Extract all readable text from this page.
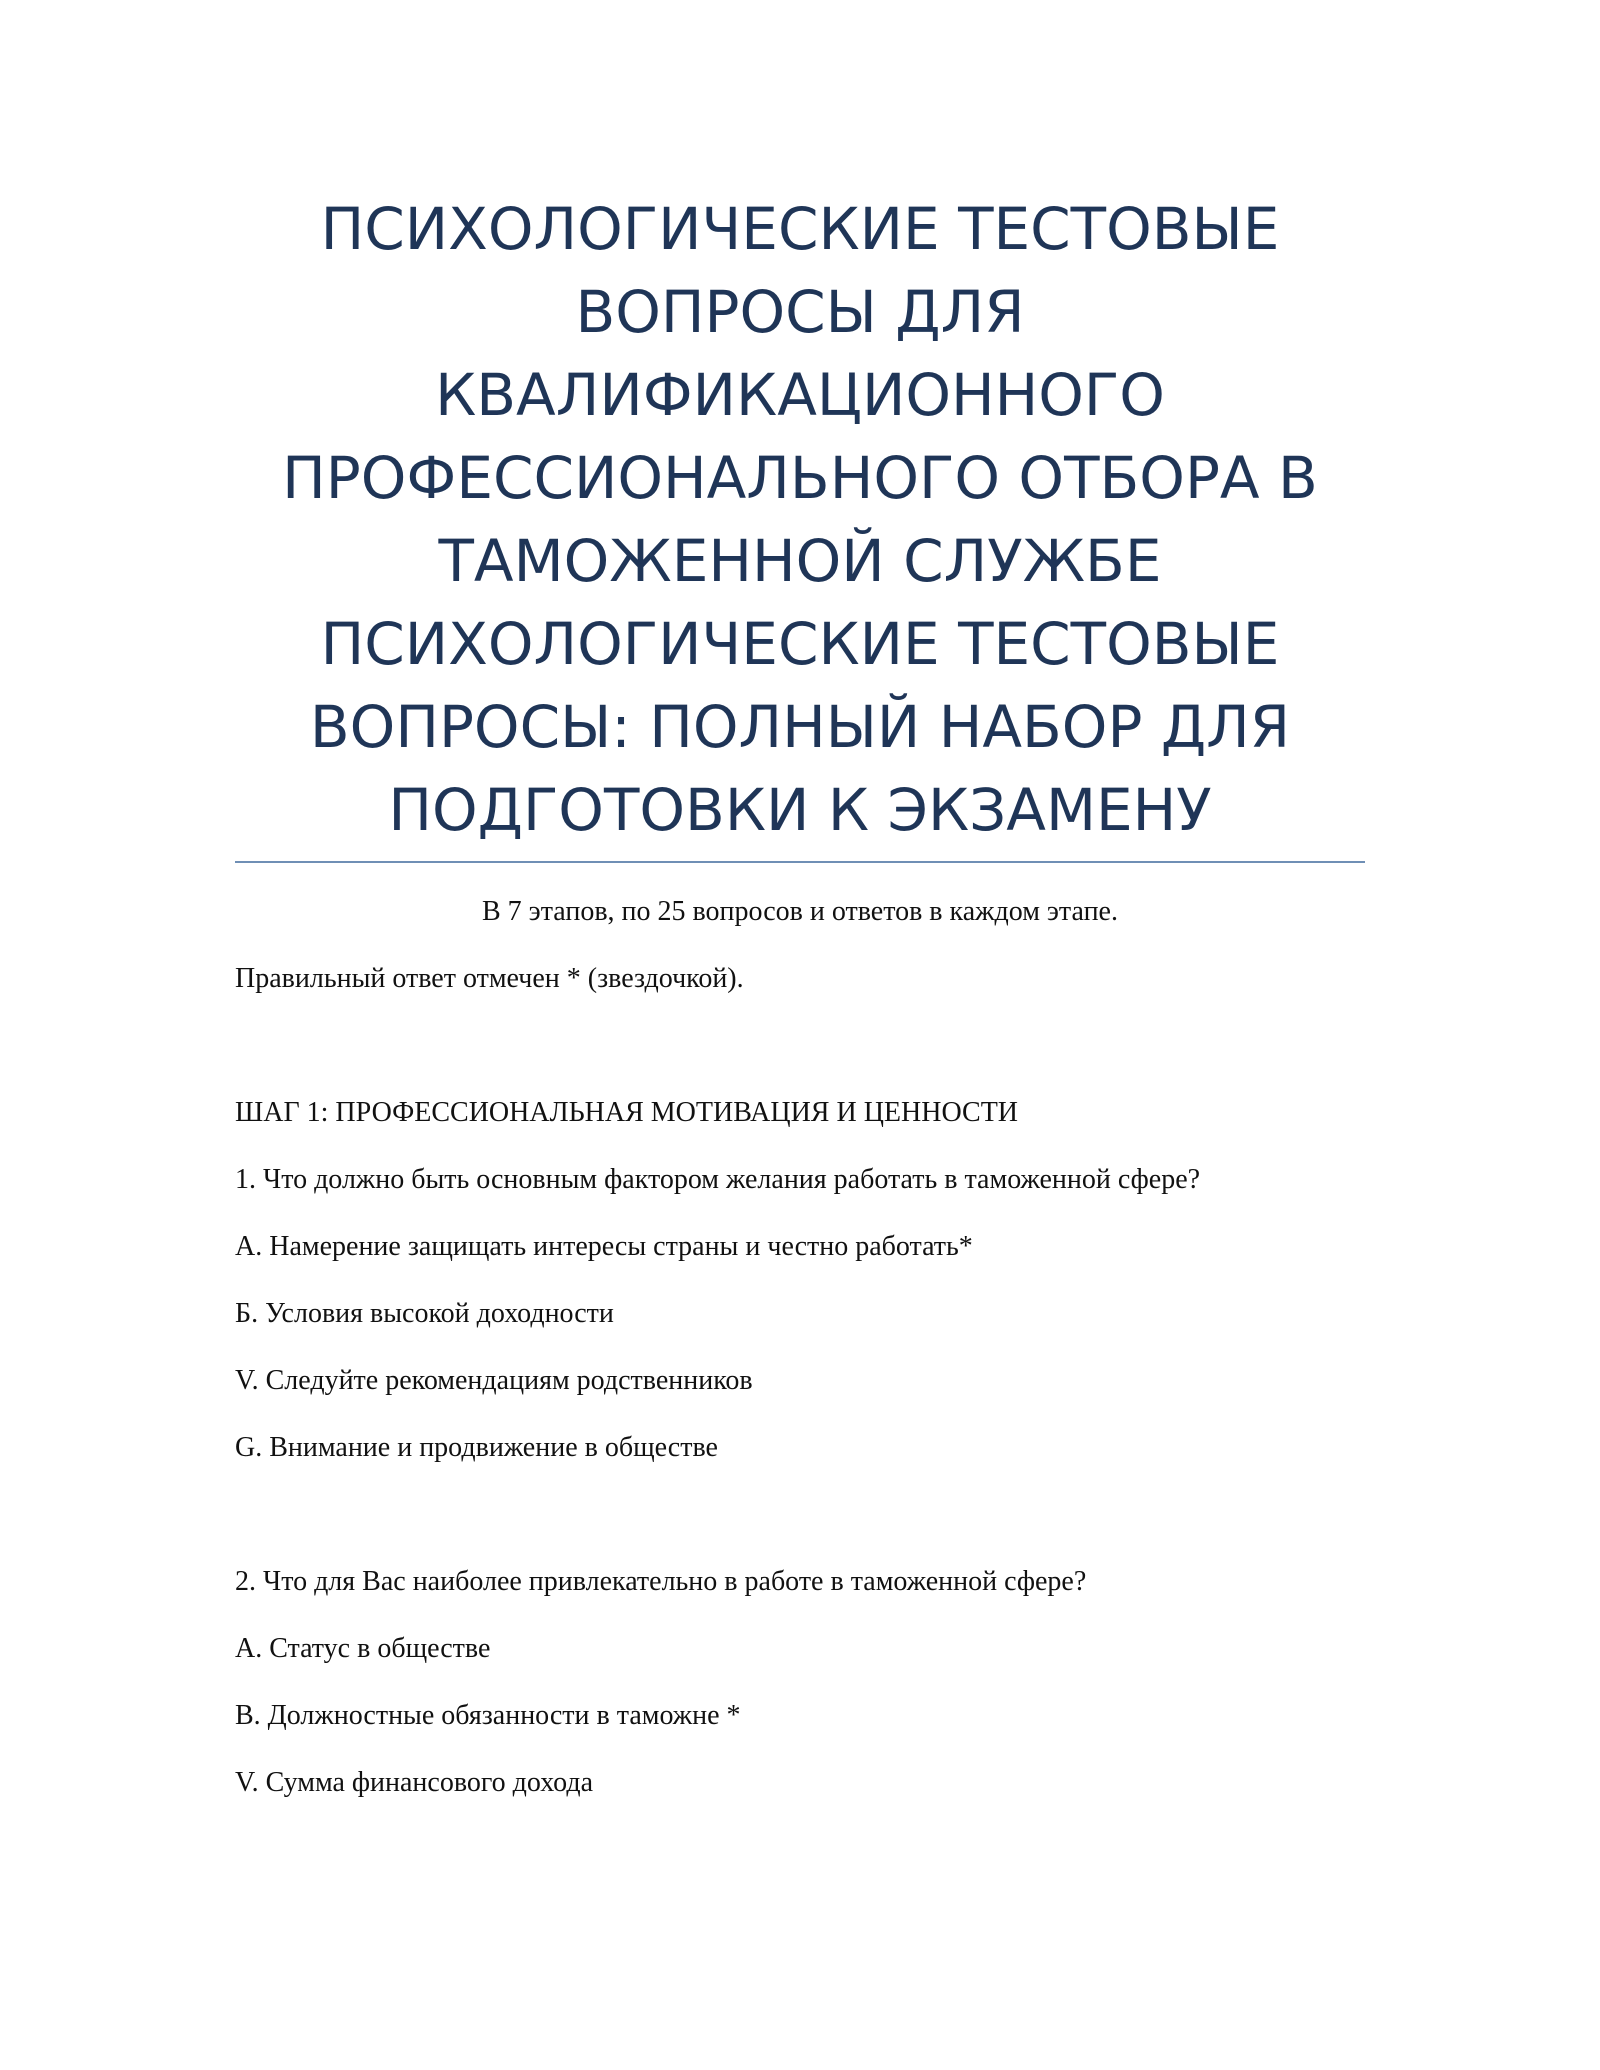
ПСИХОЛОГИЧЕСКИЕ ТЕСТОВЫЕ
ВОПРОСЫ ДЛЯ
КВАЛИФИКАЦИОННОГО
ПРОФЕССИОНАЛЬНОГО ОТБОРА В
ТАМОЖЕННОЙ СЛУЖБЕ
ПСИХОЛОГИЧЕСКИЕ ТЕСТОВЫЕ
ВОПРОСЫ: ПОЛНЫЙ НАБОР ДЛЯ
ПОДГОТОВКИ К ЭКЗАМЕНУ
В 7 этапов, по 25 вопросов и ответов в каждом этапе.
Правильный ответ отмечен * (звездочкой).
ШАГ 1: ПРОФЕССИОНАЛЬНАЯ МОТИВАЦИЯ И ЦЕННОСТИ
1. Что должно быть основным фактором желания работать в таможенной сфере?
А. Намерение защищать интересы страны и честно работать*
Б. Условия высокой доходности
V. Следуйте рекомендациям родственников
G. Внимание и продвижение в обществе
2. Что для Вас наиболее привлекательно в работе в таможенной сфере?
А. Статус в обществе
В. Должностные обязанности в таможне *
V. Сумма финансового дохода
